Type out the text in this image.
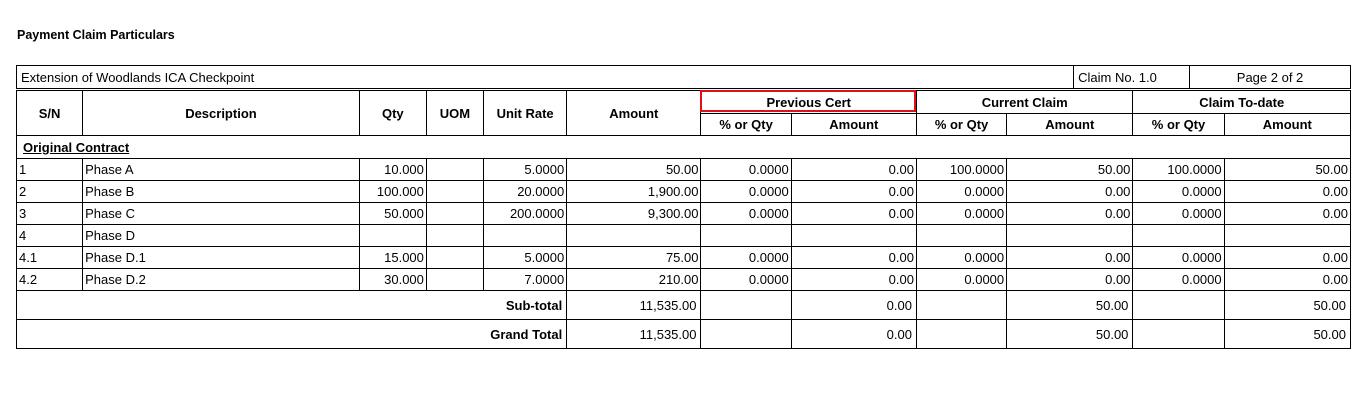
Payment Claim Particulars
Extension of Woodlands ICA Checkpoint	Claim No. 1.0	Page 2 of 2
S/N	Description	Qty	UOM	Unit Rate	Amount	Previous Cert		Current Claim		Claim To-date	
						% or Qty	Amount	% or Qty	Amount	% or Qty	Amount
Original Contract											
1	Phase A	10.000		5.0000	50.00	0.0000	0.00	100.0000	50.00	100.0000	50.00
2	Phase B	100.000		20.0000	1,900.00	0.0000	0.00	0.0000	0.00	0.0000	0.00
3	Phase C	50.000		200.0000	9,300.00	0.0000	0.00	0.0000	0.00	0.0000	0.00
4	Phase D										
4.1	Phase D.1	15.000		5.0000	75.00	0.0000	0.00	0.0000	0.00	0.0000	0.00
4.2	Phase D.2	30.000		7.0000	210.00	0.0000	0.00	0.0000	0.00	0.0000	0.00
Sub-total					11,535.00		0.00		50.00		50.00
Grand Total					11,535.00		0.00		50.00		50.00
